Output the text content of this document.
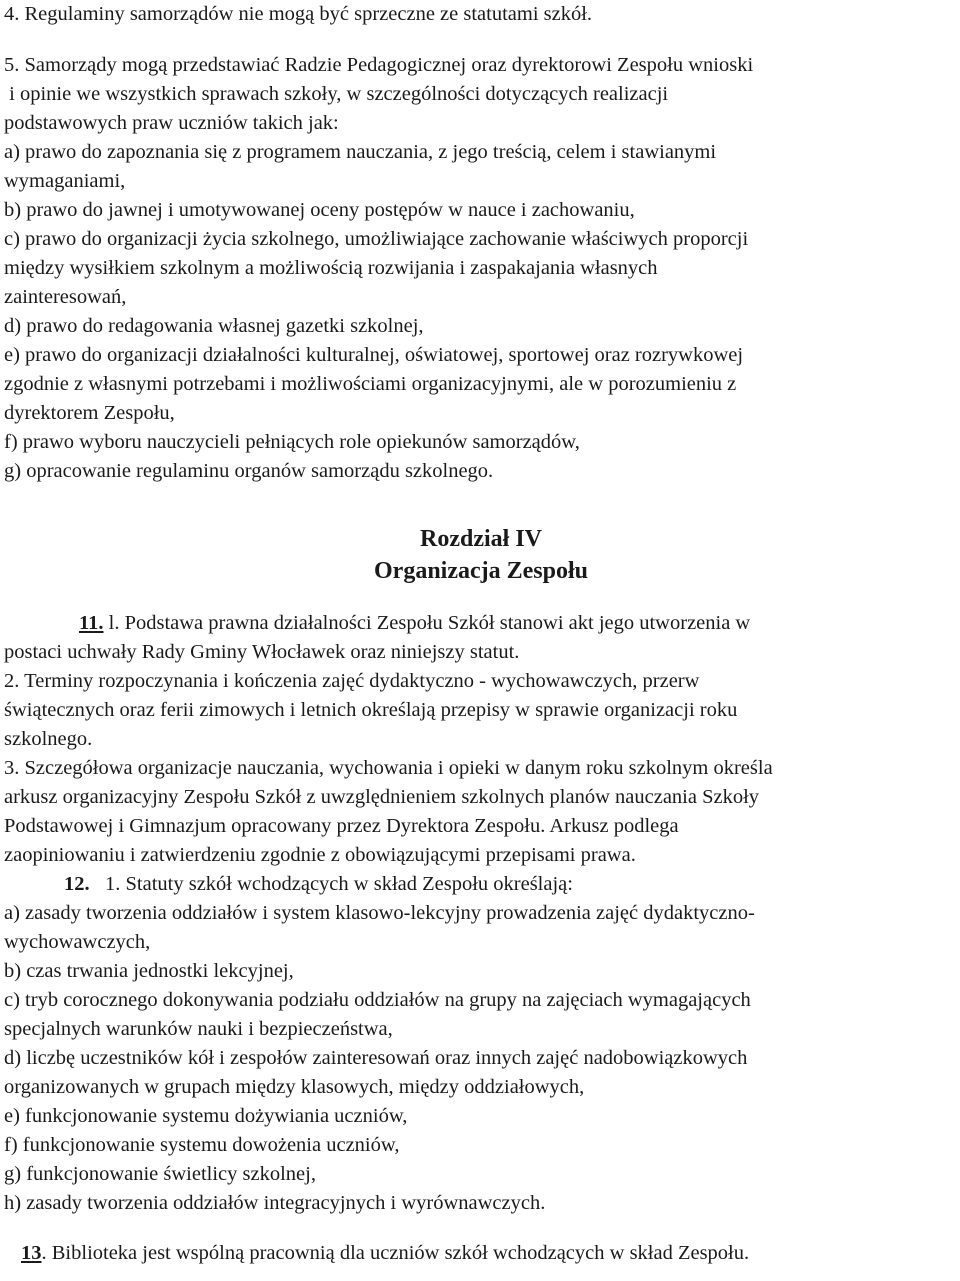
4. Regulaminy samorządów nie mogą być sprzeczne ze statutami szkół.

5. Samorządy mogą przedstawiać Radzie Pedagogicznej oraz dyrektorowi Zespołu wnioski
i opinie we wszystkich sprawach szkoły, w szczególności dotyczących realizacji
podstawowych praw uczniów takich jak:

a) prawo do zapoznania się z programem nauczania, z jego treścią, celem i stawianymi
wymaganiami,

b) prawo do jawnej i umotywowanej oceny postępów w nauce i zachowaniu,

c) prawo do organizacji życia szkolnego, umożliwiające zachowanie właściwych proporcji
między wysiłkiem szkolnym a możliwością rozwijania i zaspakajania własnych
zainteresowań,

d) prawo do redagowania własnej gazetki szkolnej,

e) prawo do organizacji działalności kulturalnej, oświatowej, sportowej oraz rozrywkowej
zgodnie z własnymi potrzebami i możliwościami organizacyjnymi, ale w porozumieniu z
dyrektorem Zespołu,

f) prawo wyboru nauczycieli pełniących role opiekunów samorządów,

g) opracowanie regulaminu organów samorządu szkolnego.

Rozdział IV
Organizacja Zespołu

11. l. Podstawa prawna działalności Zespołu Szkół stanowi akt jego utworzenia w
postaci uchwały Rady Gminy Włocławek oraz niniejszy statut.

2. Terminy rozpoczynania i kończenia zajęć dydaktyczno - wychowawczych, przerw
świątecznych oraz ferii zimowych i letnich określają przepisy w sprawie organizacji roku
szkolnego.

3. Szczegółowa organizacje nauczania, wychowania i opieki w danym roku szkolnym określa
arkusz organizacyjny Zespołu Szkół z uwzględnieniem szkolnych planów nauczania Szkoły
Podstawowej i Gimnazjum opracowany przez Dyrektora Zespołu. Arkusz podlega
zaopiniowaniu i zatwierdzeniu zgodnie z obowiązującymi przepisami prawa.

12.   1. Statuty szkół wchodzących w skład Zespołu określają:

a) zasady tworzenia oddziałów i system klasowo-lekcyjny prowadzenia zajęć dydaktyczno-
wychowawczych,

b) czas trwania jednostki lekcyjnej,

c) tryb corocznego dokonywania podziału oddziałów na grupy na zajęciach wymagających
specjalnych warunków nauki i bezpieczeństwa,

d) liczbę uczestników kół i zespołów zainteresowań oraz innych zajęć nadobowiązkowych
organizowanych w grupach między klasowych, między oddziałowych,

e) funkcjonowanie systemu dożywiania uczniów,

f) funkcjonowanie systemu dowożenia uczniów,

g) funkcjonowanie świetlicy szkolnej,

h) zasady tworzenia oddziałów integracyjnych i wyrównawczych.

13. Biblioteka jest wspólną pracownią dla uczniów szkół wchodzących w skład Zespołu.
